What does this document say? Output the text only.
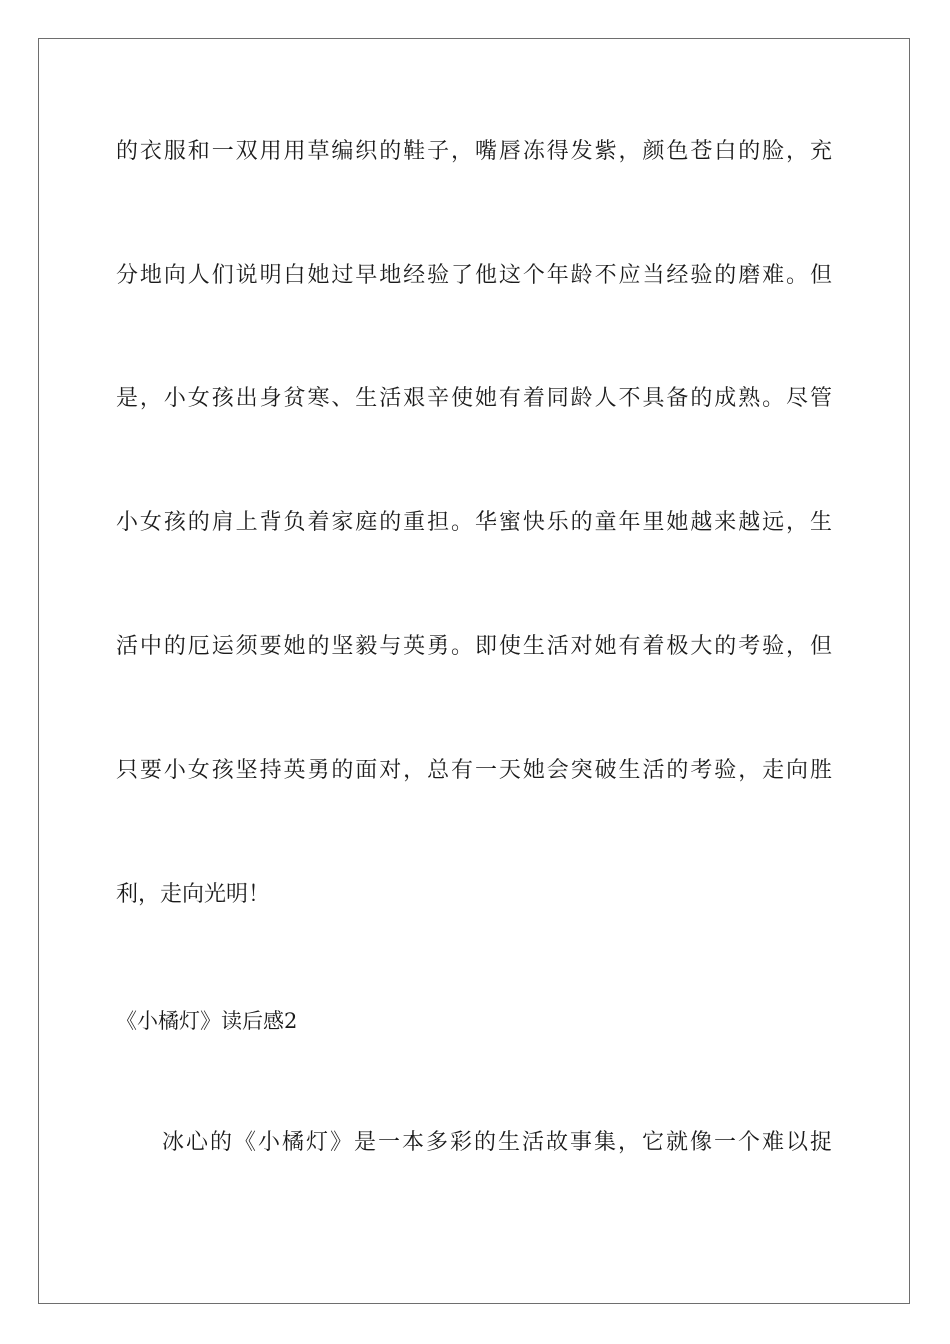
的衣服和一双用用草编织的鞋子，嘴唇冻得发紫，颜色苍白的脸，充
分地向人们说明白她过早地经验了他这个年龄不应当经验的磨难。但
是，小女孩出身贫寒、生活艰辛使她有着同龄人不具备的成熟。尽管
小女孩的肩上背负着家庭的重担。华蜜快乐的童年里她越来越远，生
活中的厄运须要她的坚毅与英勇。即使生活对她有着极大的考验，但
只要小女孩坚持英勇的面对，总有一天她会突破生活的考验，走向胜
利，走向光明！
《小橘灯》读后感2
冰心的《小橘灯》是一本多彩的生活故事集，它就像一个难以捉
